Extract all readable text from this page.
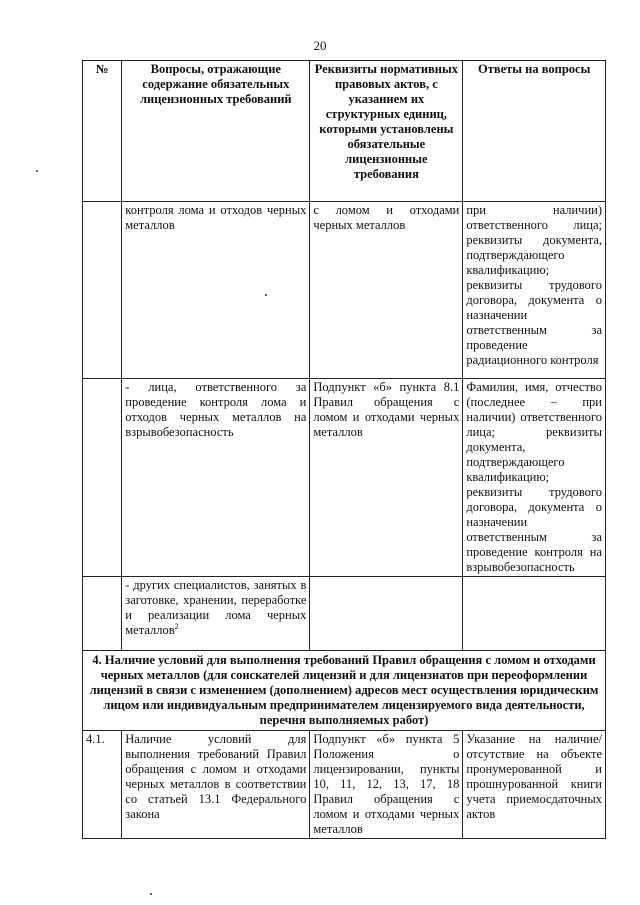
20
№	Вопросы, отражающие содержание обязательных лицензионных требований	Реквизиты нормативных правовых актов, с указанием их структурных единиц, которыми установлены обязательные лицензионные требования	Ответы на вопросы
	контроля лома и отходов черных металлов	с ломом и отходами черных металлов	при наличии) ответственного лица; реквизиты документа, подтверждающего квалификацию; реквизиты трудового договора, документа о назначении ответственным за проведение радиационного контроля
	- лица, ответственного за проведение контроля лома и отходов черных металлов на взрывобезопасность	Подпункт «б» пункта 8.1 Правил обращения с ломом и отходами черных металлов	Фамилия, имя, отчество (последнее – при наличии) ответственного лица; реквизиты документа, подтверждающего квалификацию; реквизиты трудового договора, документа о назначении ответственным за проведение контроля на взрывобезопасность
	- других специалистов, занятых в заготовке, хранении, переработке и реализации лома черных металлов$^2$		
4. Наличие условий для выполнения требований Правил обращения с ломом и отходами черных металлов (для соискателей лицензий и для лицензиатов при переоформлении лицензий в связи с изменением (дополнением) адресов мест осуществления юридическим лицом или индивидуальным предпринимателем лицензируемого вида деятельности, перечня выполняемых работ)			
4.1.	Наличие условий для выполнения требований Правил обращения с ломом и отходами черных металлов в соответствии со статьей 13.1 Федерального закона	Подпункт «б» пункта 5 Положения о лицензировании, пункты 10, 11, 12, 13, 17, 18 Правил обращения с ломом и отходами черных металлов	Указание на наличие/отсутствие на объекте пронумерованной и прошнурованной книги учета приемосдаточных актов
